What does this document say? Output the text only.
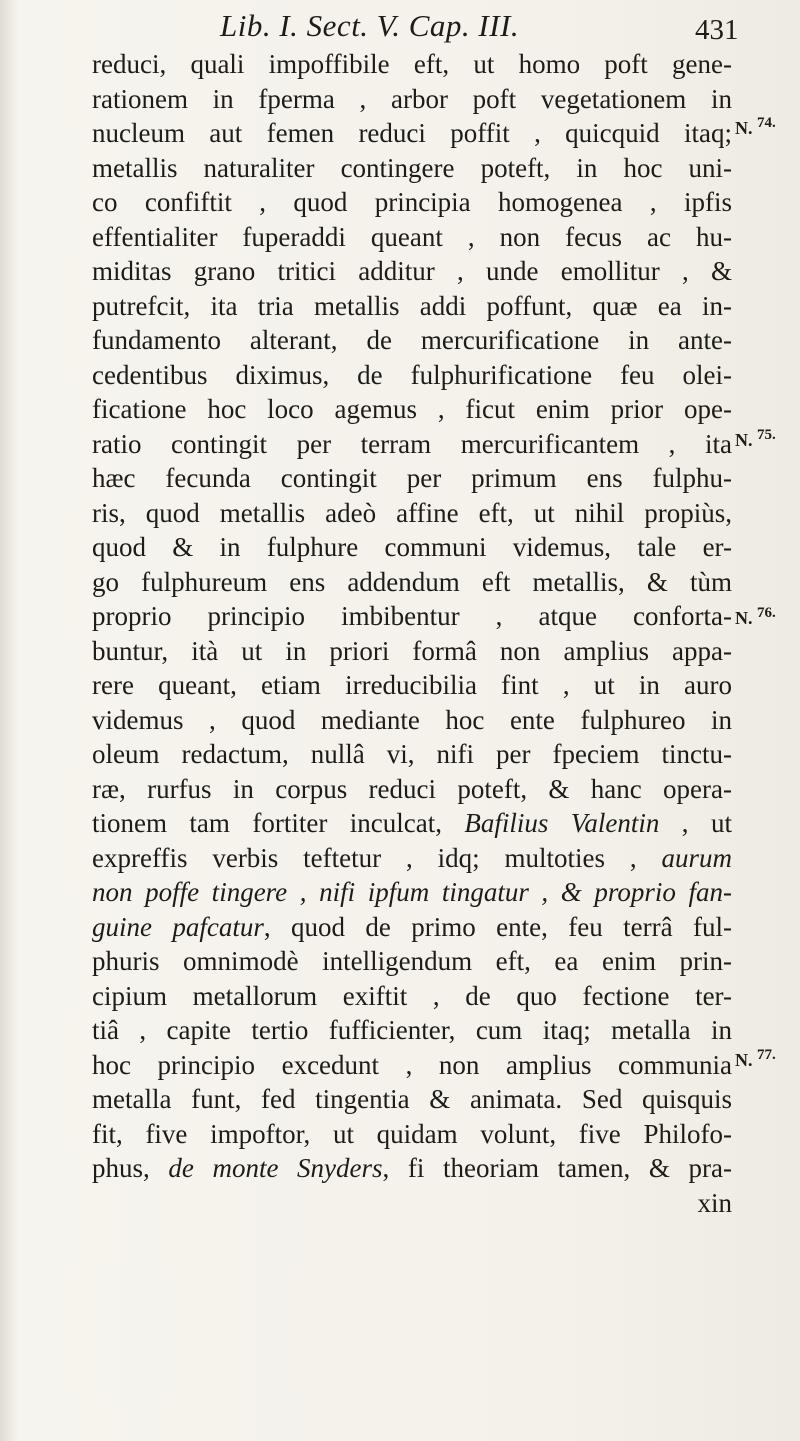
Lib. I. Sect. V. Cap. III.	431
reduci, quali impoffibile eft, ut homo poft gene-
rationem in fperma , arbor poft vegetationem in
nucleum aut femen reduci poffit , quicquid itaq;
metallis naturaliter contingere poteft, in hoc uni-
co confiftit , quod principia homogenea , ipfis
effentialiter fuperaddi queant , non fecus ac hu-
miditas grano tritici additur , unde emollitur , &
putrefcit, ita tria metallis addi poffunt, quæ ea in-
fundamento alterant, de mercurificatione in ante-
cedentibus diximus, de fulphurificatione feu olei-
ficatione hoc loco agemus , ficut enim prior ope-
ratio contingit per terram mercurificantem , ita
hæc fecunda contingit per primum ens fulphu-
ris, quod metallis adeò affine eft, ut nihil propiùs,
quod & in fulphure communi videmus, tale er-
go fulphureum ens addendum eft metallis, & tùm
proprio principio imbibentur , atque conforta-
buntur, ità ut in priori formâ non amplius appa-
rere queant, etiam irreducibilia fint , ut in auro
videmus , quod mediante hoc ente fulphureo in
oleum redactum, nullâ vi, nifi per fpeciem tinctu-
ræ, rurfus in corpus reduci poteft, & hanc opera-
tionem tam fortiter inculcat, Bafilius Valentin , ut
expreffis verbis teftetur , idq; multoties , aurum
non poffe tingere , nifi ipfum tingatur , & proprio fan-
guine pafcatur, quod de primo ente, feu terrâ ful-
phuris omnimodè intelligendum eft, ea enim prin-
cipium metallorum exiftit , de quo fectione ter-
tiâ , capite tertio fufficienter, cum itaq; metalla in
hoc principio excedunt , non amplius communia
metalla funt, fed tingentia & animata. Sed quisquis
fit, five impoftor, ut quidam volunt, five Philofo-
phus, de monte Snyders, fi theoriam tamen, & pra-
xin
N. $^{74.}$
N. $^{75.}$
N. $^{76.}$
N. $^{77.}$
